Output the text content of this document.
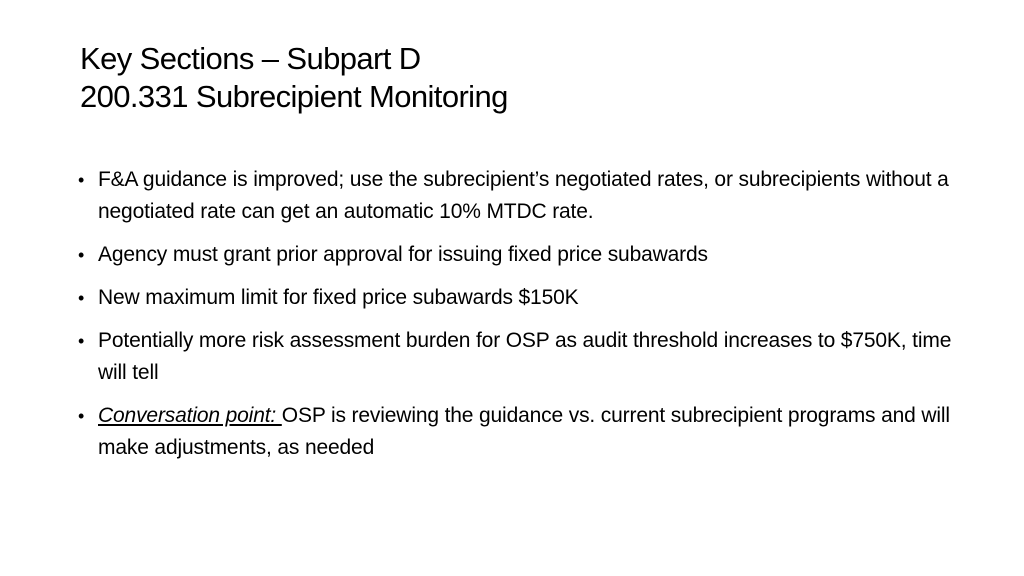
Key Sections – Subpart D
200.331 Subrecipient Monitoring
• F&A guidance is improved; use the subrecipient’s negotiated rates, or subrecipients without a negotiated rate can get an automatic 10% MTDC rate.
• Agency must grant prior approval for issuing fixed price subawards
• New maximum limit for fixed price subawards $150K
• Potentially more risk assessment burden for OSP as audit threshold increases to $750K, time will tell
• Conversation point: OSP is reviewing the guidance vs. current subrecipient programs and will make adjustments, as needed
